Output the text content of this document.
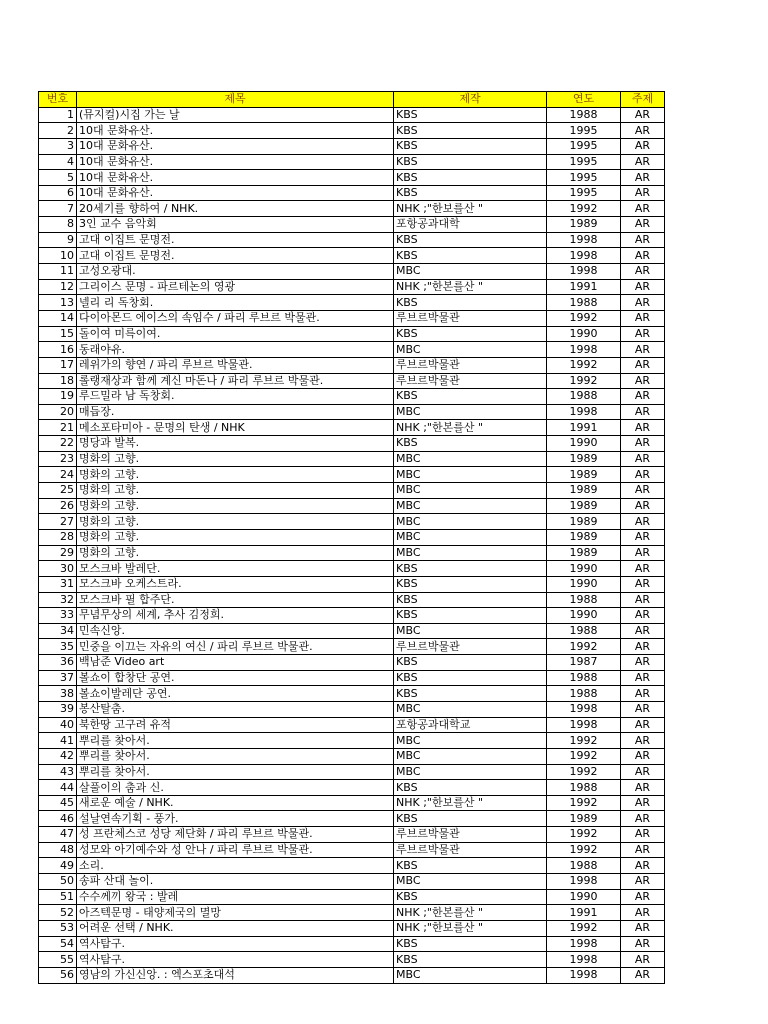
번호	제목	제작	연도	주제
1	(뮤지컬)시집 가는 날	KBS	1988	AR
2	10대 문화유산.	KBS	1995	AR
3	10대 문화유산.	KBS	1995	AR
4	10대 문화유산.	KBS	1995	AR
5	10대 문화유산.	KBS	1995	AR
6	10대 문화유산.	KBS	1995	AR
7	20세기를 향하여 / NHK.	NHK ;"한보를산 "	1992	AR
8	3인 교수 음악회	포항공과대학	1989	AR
9	고대 이집트 문명전.	KBS	1998	AR
10	고대 이집트 문명전.	KBS	1998	AR
11	고성오광대.	MBC	1998	AR
12	그리이스 문명 - 파르테논의 영광	NHK ;"한본를산 "	1991	AR
13	넬리 리 독창회.	KBS	1988	AR
14	다이아몬드 에이스의 속임수 / 파리 루브르 박물관.	루브르박물관	1992	AR
15	돌이여 미륵이여.	KBS	1990	AR
16	동래야유.	MBC	1998	AR
17	레위가의 향연 / 파리 루브르 박물관.	루브르박물관	1992	AR
18	롤랭재상과 함께 계신 마돈나 / 파리 루브르 박물관.	루브르박물관	1992	AR
19	루드밀라 남 독창회.	KBS	1988	AR
20	매듭장.	MBC	1998	AR
21	메소포타미아 - 문명의 탄생 / NHK	NHK ;"한본를산 "	1991	AR
22	명당과 발복.	KBS	1990	AR
23	명화의 고향.	MBC	1989	AR
24	명화의 고향.	MBC	1989	AR
25	명화의 고향.	MBC	1989	AR
26	명화의 고향.	MBC	1989	AR
27	명화의 고향.	MBC	1989	AR
28	명화의 고향.	MBC	1989	AR
29	명화의 고향.	MBC	1989	AR
30	모스크바 발레단.	KBS	1990	AR
31	모스크바 오케스트라.	KBS	1990	AR
32	모스크바 필 합주단.	KBS	1988	AR
33	무념무상의 세계, 추사 김정희.	KBS	1990	AR
34	민속신앙.	MBC	1988	AR
35	민중을 이끄는 자유의 여신 / 파리 루브르 박물관.	루브르박물관	1992	AR
36	백남준 Video art	KBS	1987	AR
37	볼쇼이 합창단 공연.	KBS	1988	AR
38	볼쇼이발레단 공연.	KBS	1988	AR
39	봉산탈춤.	MBC	1998	AR
40	북한땅 고구려 유적	포항공과대학교	1998	AR
41	뿌리를 찾아서.	MBC	1992	AR
42	뿌리를 찾아서.	MBC	1992	AR
43	뿌리를 찾아서.	MBC	1992	AR
44	살풀이의 춤과 신.	KBS	1988	AR
45	새로운 예술 / NHK.	NHK ;"한보를산 "	1992	AR
46	설날연속기획 - 풍가.	KBS	1989	AR
47	성 프란체스코 성당 제단화 / 파리 루브르 박물관.	루브르박물관	1992	AR
48	성모와 아기예수와 성 안나 / 파리 루브르 박물관.	루브르박물관	1992	AR
49	소리.	KBS	1988	AR
50	송파 산대 놀이.	MBC	1998	AR
51	수수께끼 왕국 : 발레	KBS	1990	AR
52	아즈텍문명 - 태양제국의 멸망	NHK ;"한본를산 "	1991	AR
53	어려운 선택 / NHK.	NHK ;"한보를산 "	1992	AR
54	역사탐구.	KBS	1998	AR
55	역사탐구.	KBS	1998	AR
56	영남의 가신신앙. : 엑스포초대석	MBC	1998	AR
